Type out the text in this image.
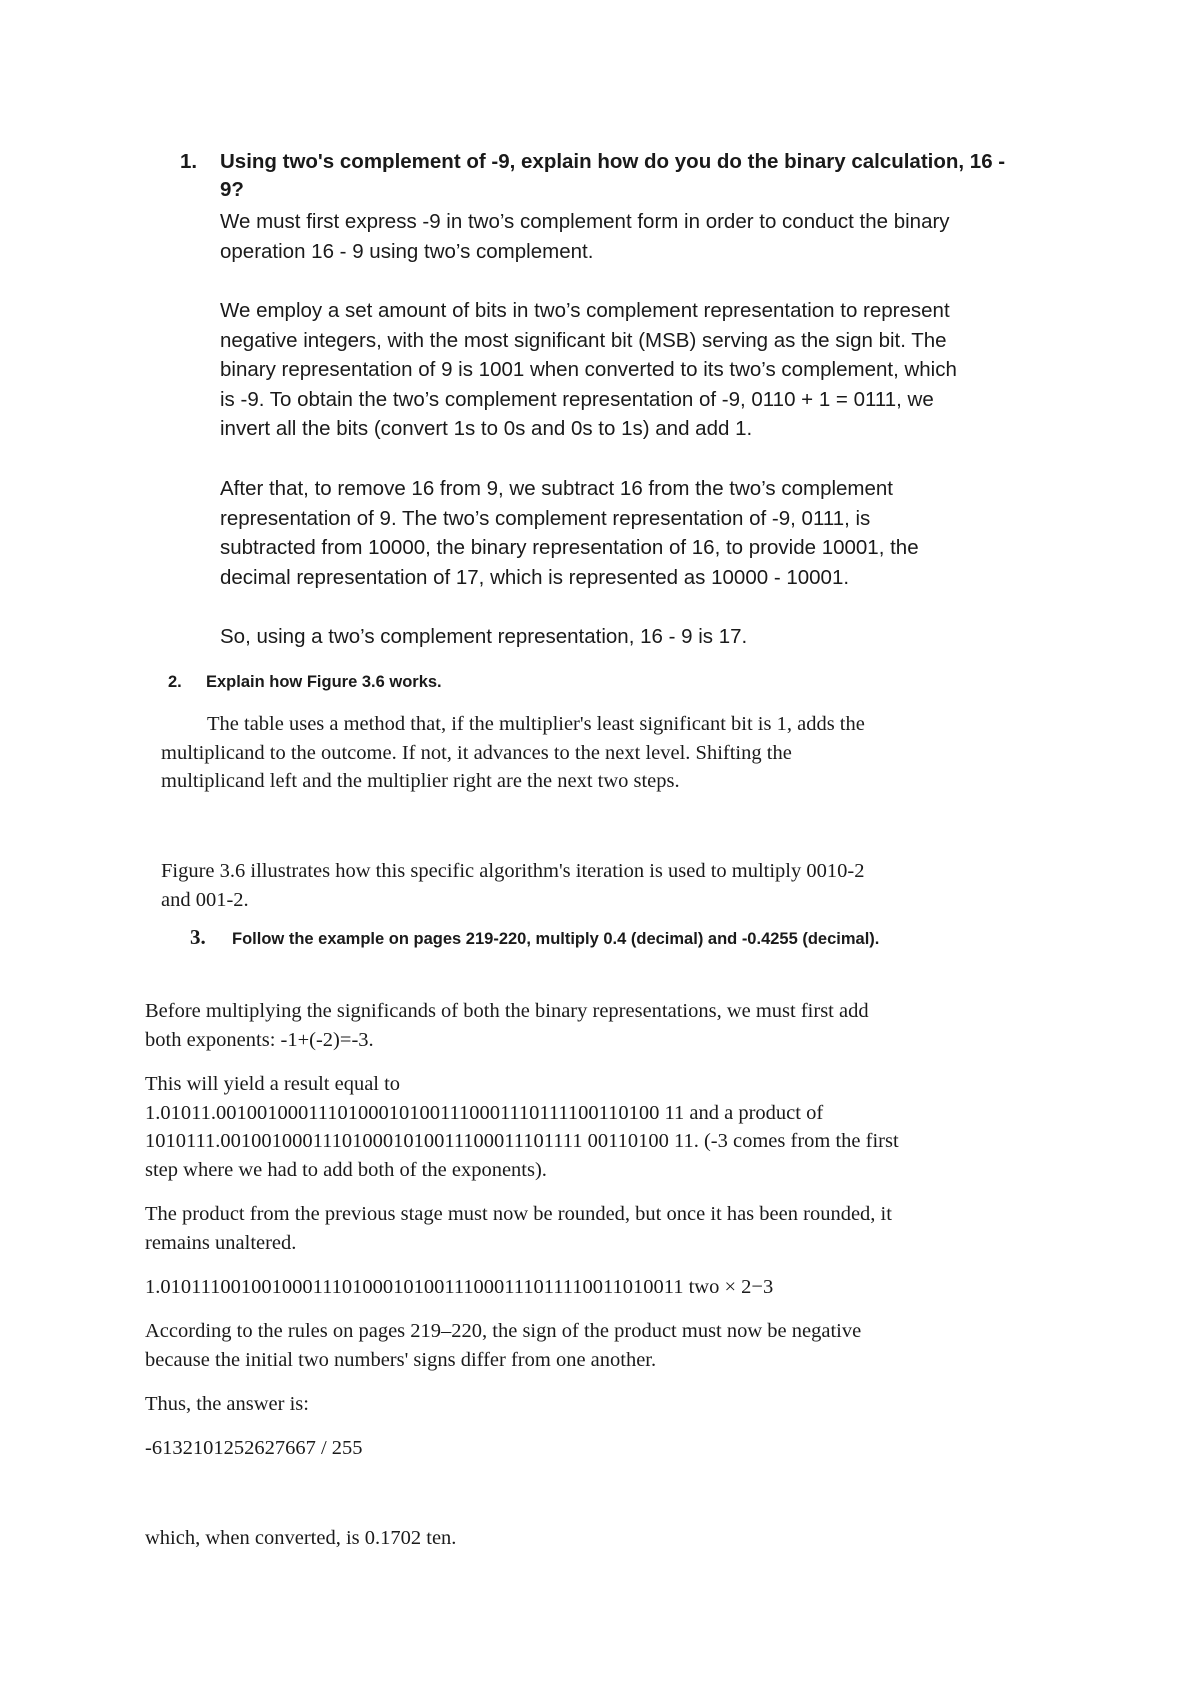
1. Using two's complement of -9, explain how do you do the binary calculation, 16 -
9?
We must first express -9 in two’s complement form in order to conduct the binary
operation 16 - 9 using two’s complement.
We employ a set amount of bits in two’s complement representation to represent
negative integers, with the most significant bit (MSB) serving as the sign bit. The
binary representation of 9 is 1001 when converted to its two’s complement, which
is -9. To obtain the two’s complement representation of -9, 0110 + 1 = 0111, we
invert all the bits (convert 1s to 0s and 0s to 1s) and add 1.
After that, to remove 16 from 9, we subtract 16 from the two’s complement
representation of 9. The two’s complement representation of -9, 0111, is
subtracted from 10000, the binary representation of 16, to provide 10001, the
decimal representation of 17, which is represented as 10000 - 10001.
So, using a two’s complement representation, 16 - 9 is 17.
2. Explain how Figure 3.6 works.
The table uses a method that, if the multiplier's least significant bit is 1, adds the
multiplicand to the outcome. If not, it advances to the next level. Shifting the
multiplicand left and the multiplier right are the next two steps.
Figure 3.6 illustrates how this specific algorithm's iteration is used to multiply 0010-2
and 001-2.
3. Follow the example on pages 219-220, multiply 0.4 (decimal) and -0.4255 (decimal).
Before multiplying the significands of both the binary representations, we must first add
both exponents: -1+(-2)=-3.
This will yield a result equal to
1.01011.00100100011101000101001110001110111100110100 11 and a product of
1010111.001001000111010001010011100011101111 00110100 11. (-3 comes from the first
step where we had to add both of the exponents).
The product from the previous stage must now be rounded, but once it has been rounded, it
remains unaltered.
1.0101110010010001110100010100111000111011110011010011 two × 2−3
According to the rules on pages 219–220, the sign of the product must now be negative
because the initial two numbers' signs differ from one another.
Thus, the answer is:
-6132101252627667 / 255
which, when converted, is 0.1702 ten.
